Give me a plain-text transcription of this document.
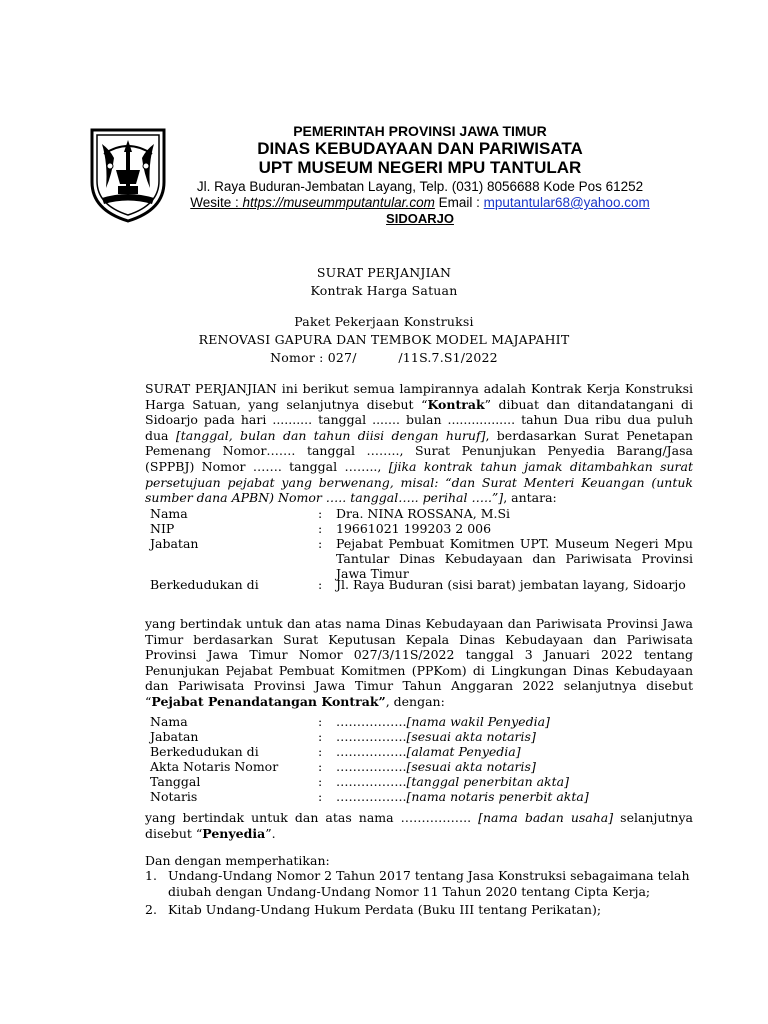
PEMERINTAH PROVINSI JAWA TIMUR
DINAS KEBUDAYAAN DAN PARIWISATA
UPT MUSEUM NEGERI MPU TANTULAR
Jl. Raya Buduran-Jembatan Layang, Telp. (031) 8056688 Kode Pos 61252
Wesite : https://museummputantular.com Email : mputantular68@yahoo.com
SIDOARJO
SURAT PERJANJIAN
Kontrak Harga Satuan
Paket Pekerjaan Konstruksi
RENOVASI GAPURA DAN TEMBOK MODEL MAJAPAHIT
Nomor : 027/          /11S.7.S1/2022
SURAT PERJANJIAN ini berikut semua lampirannya adalah Kontrak Kerja Konstruksi Harga Satuan, yang selanjutnya disebut “Kontrak” dibuat dan ditandatangani di Sidoarjo pada hari .......... tanggal ....... bulan ................. tahun Dua ribu dua puluh dua [tanggal, bulan dan tahun diisi dengan huruf], berdasarkan Surat Penetapan Pemenang Nomor……. tanggal …….., Surat Penunjukan Penyedia Barang/Jasa (SPPBJ) Nomor ……. tanggal …….., [jika kontrak tahun jamak ditambahkan surat persetujuan pejabat yang berwenang, misal: “dan Surat Menteri Keuangan (untuk sumber dana APBN) Nomor ….. tanggal….. perihal …..”], antara:
Nama	: Dra. NINA ROSSANA, M.Si
NIP	: 19661021 199203 2 006
Jabatan	: Pejabat Pembuat Komitmen UPT. Museum Negeri Mpu Tantular Dinas Kebudayaan dan Pariwisata Provinsi Jawa Timur
Berkedudukan di	: Jl. Raya Buduran (sisi barat) jembatan layang, Sidoarjo
yang bertindak untuk dan atas nama Dinas Kebudayaan dan Pariwisata Provinsi Jawa Timur berdasarkan Surat Keputusan Kepala Dinas Kebudayaan dan Pariwisata Provinsi Jawa Timur Nomor 027/3/11S/2022 tanggal 3 Januari 2022 tentang Penunjukan Pejabat Pembuat Komitmen (PPKom) di Lingkungan Dinas Kebudayaan dan Pariwisata Provinsi Jawa Timur Tahun Anggaran 2022 selanjutnya disebut “Pejabat Penandatangan Kontrak”, dengan:
Nama	: ……………..[nama wakil Penyedia]
Jabatan	: ……………..[sesuai akta notaris]
Berkedudukan di	: ……………..[alamat Penyedia]
Akta Notaris Nomor	: ……………..[sesuai akta notaris]
Tanggal	: ……………..[tanggal penerbitan akta]
Notaris	: ……………..[nama notaris penerbit akta]
yang bertindak untuk dan atas nama …………….. [nama badan usaha] selanjutnya disebut “Penyedia”.
Dan dengan memperhatikan:
1. Undang-Undang Nomor 2 Tahun 2017 tentang Jasa Konstruksi sebagaimana telah diubah dengan Undang-Undang Nomor 11 Tahun 2020 tentang Cipta Kerja;
2. Kitab Undang-Undang Hukum Perdata (Buku III tentang Perikatan);
